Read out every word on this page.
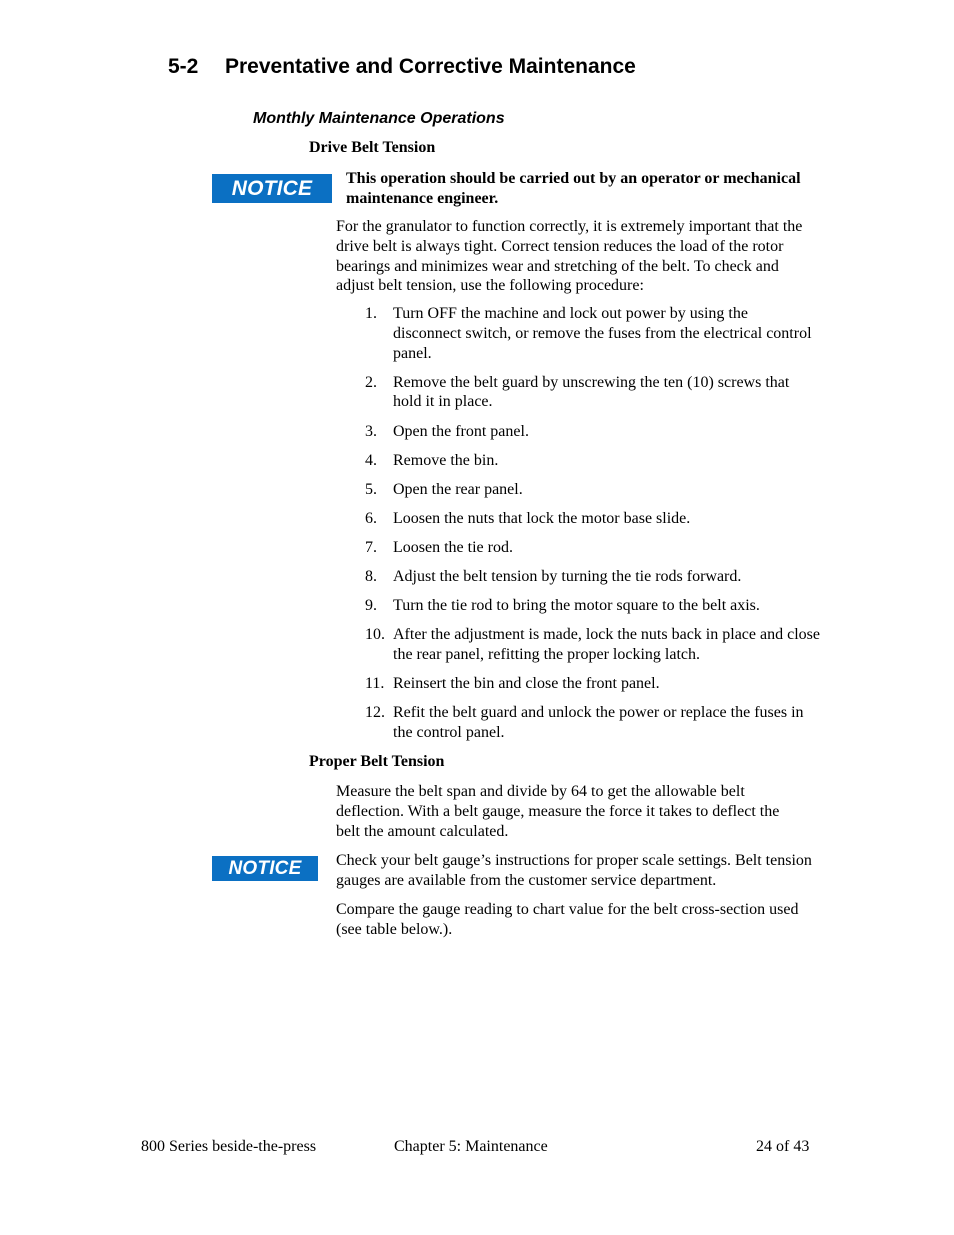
5-2 Preventative and Corrective Maintenance
Monthly Maintenance Operations
Drive Belt Tension
NOTICE	This operation should be carried out by an operator or mechanical maintenance engineer.

For the granulator to function correctly, it is extremely important that the drive belt is always tight. Correct tension reduces the load of the rotor bearings and minimizes wear and stretching of the belt. To check and adjust belt tension, use the following procedure:

1.	Turn OFF the machine and lock out power by using the disconnect switch, or remove the fuses from the electrical control panel.
2.	Remove the belt guard by unscrewing the ten (10) screws that hold it in place.
3.	Open the front panel.
4.	Remove the bin.
5.	Open the rear panel.
6.	Loosen the nuts that lock the motor base slide.
7.	Loosen the tie rod.
8.	Adjust the belt tension by turning the tie rods forward.
9.	Turn the tie rod to bring the motor square to the belt axis.
10. After the adjustment is made, lock the nuts back in place and close the rear panel, refitting the proper locking latch.
11. Reinsert the bin and close the front panel.
12. Refit the belt guard and unlock the power or replace the fuses in the control panel.
Proper Belt Tension

Measure the belt span and divide by 64 to get the allowable belt deflection. With a belt gauge, measure the force it takes to deflect the belt the amount calculated.

NOTICE	Check your belt gauge’s instructions for proper scale settings. Belt tension gauges are available from the customer service department.

Compare the gauge reading to chart value for the belt cross-section used (see table below.).

800 Series beside-the-press	Chapter 5: Maintenance	24 of 43
